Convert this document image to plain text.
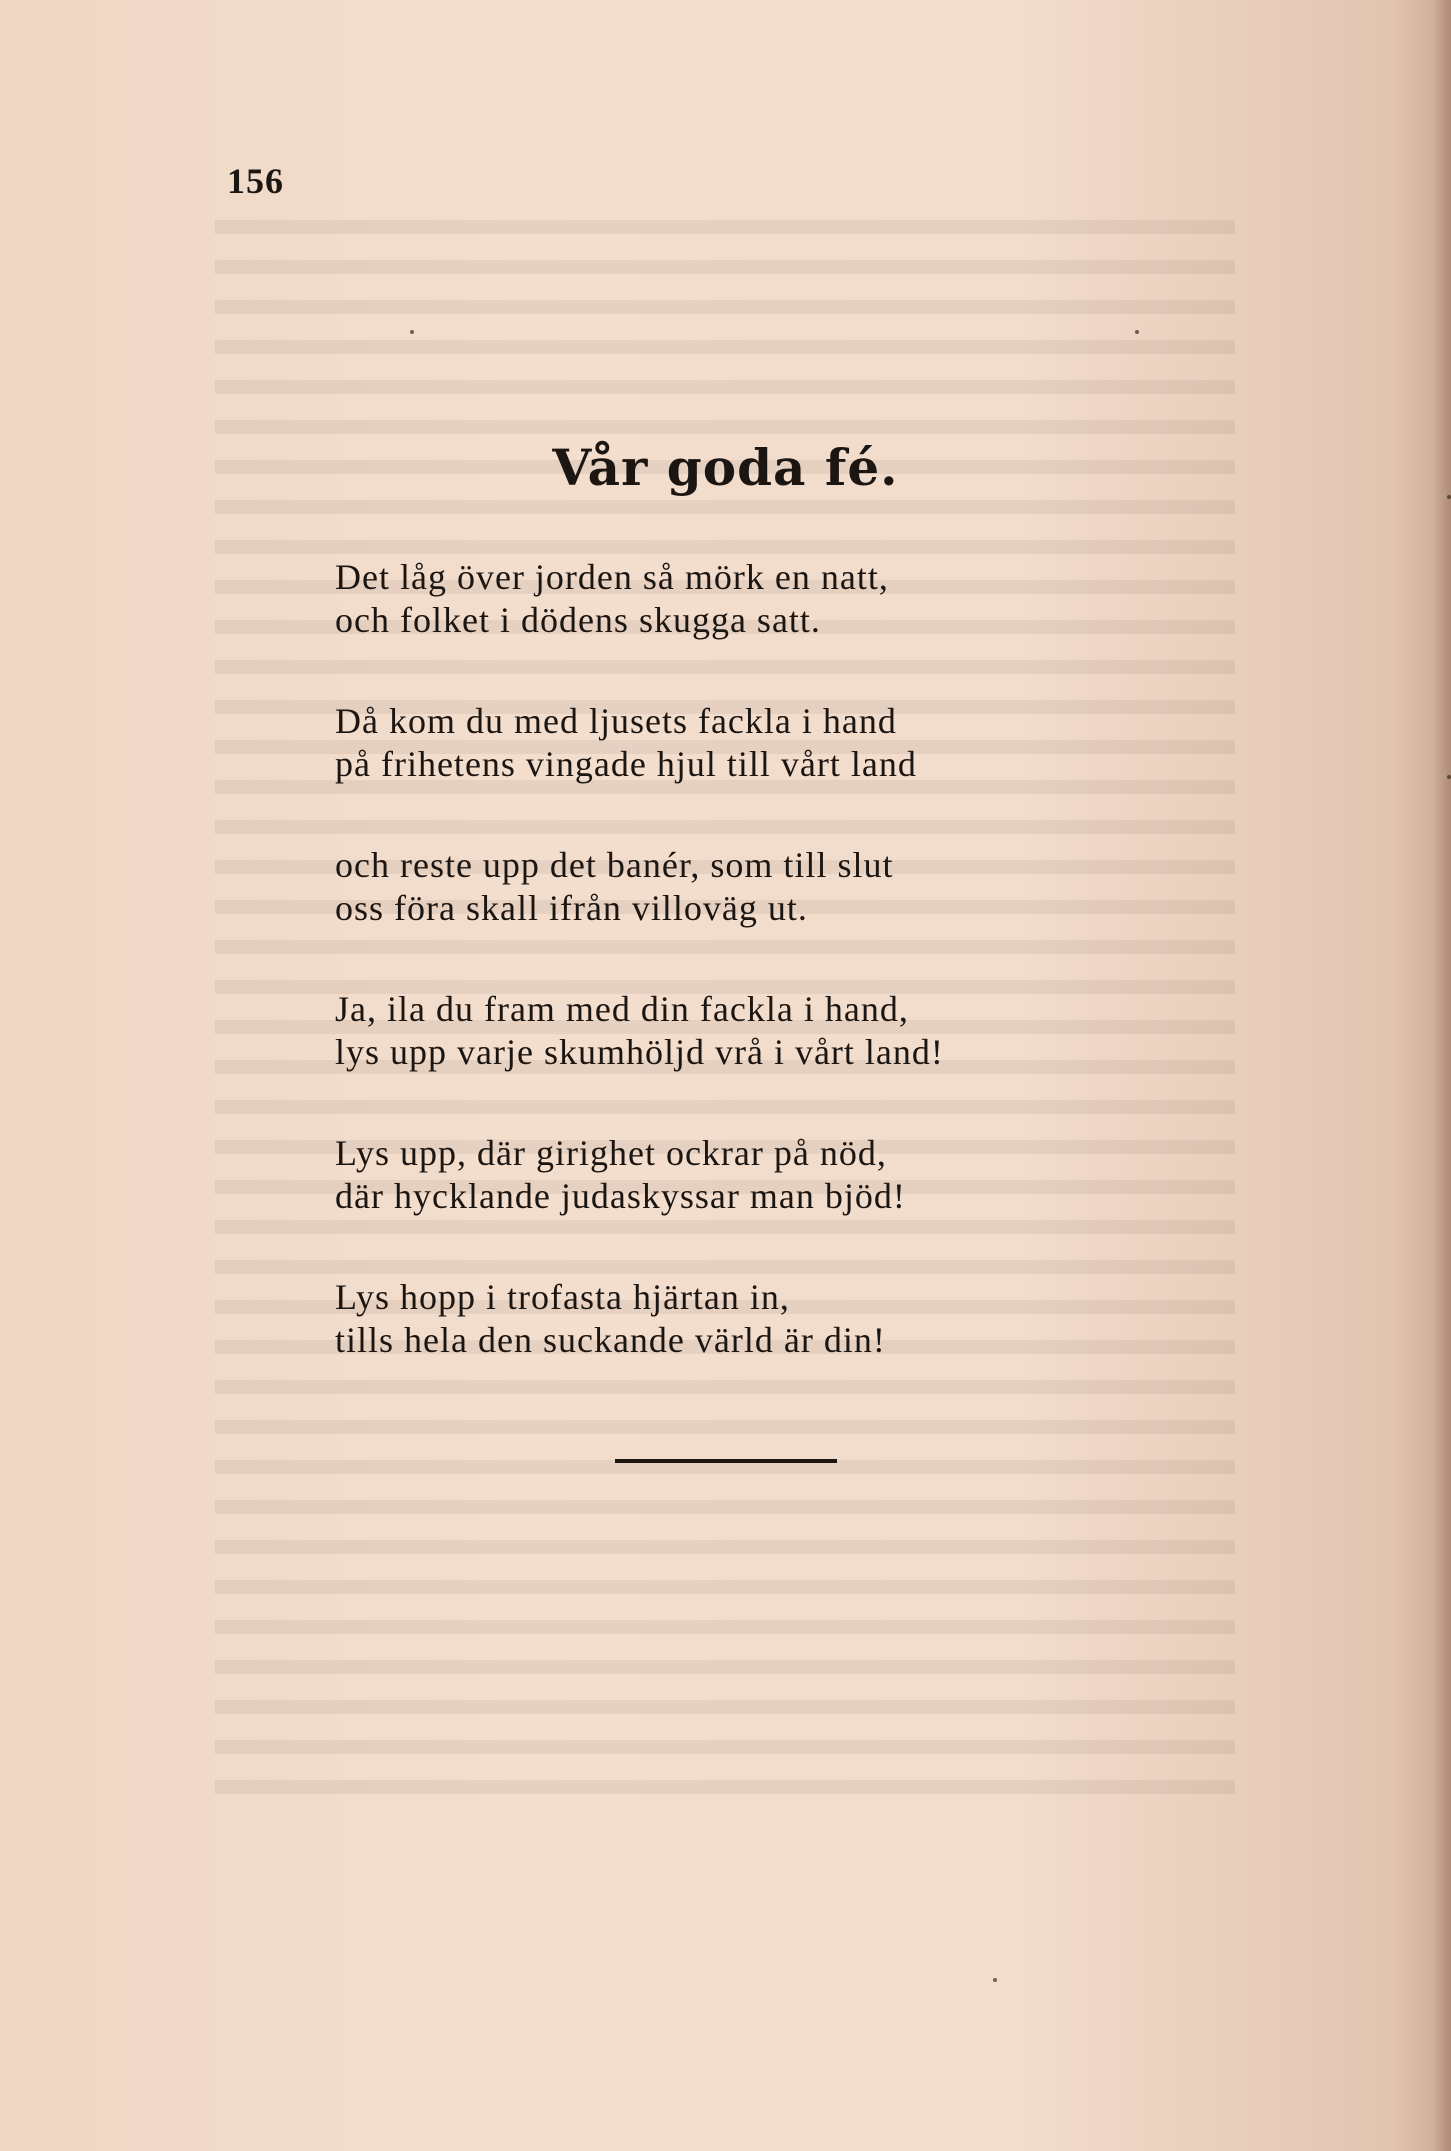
156
Vår goda fé.
Det låg över jorden så mörk en natt,
och folket i dödens skugga satt.
Då kom du med ljusets fackla i hand
på frihetens vingade hjul till vårt land
och reste upp det banér, som till slut
oss föra skall ifrån villoväg ut.
Ja, ila du fram med din fackla i hand,
lys upp varje skumhöljd vrå i vårt land!
Lys upp, där girighet ockrar på nöd,
där hycklande judaskyssar man bjöd!
Lys hopp i trofasta hjärtan in,
tills hela den suckande värld är din!
